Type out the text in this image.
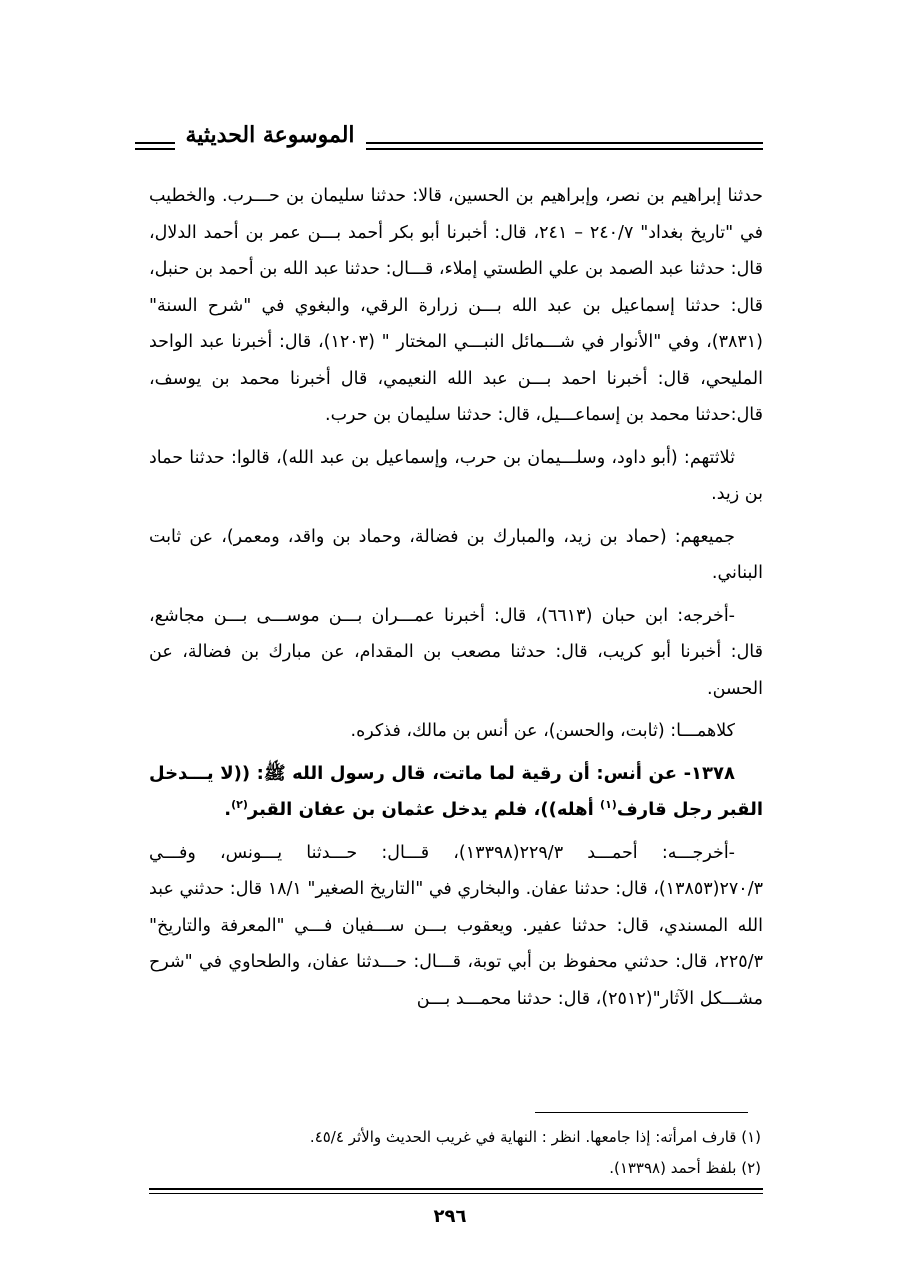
الموسوعة الحديثية

حدثنا إبراهيم بن نصر، وإبراهيم بن الحسين، قالا: حدثنا سليمان بن حـــرب. والخطيب في "تاريخ بغداد" ٢٤٠/٧ – ٢٤١، قال: أخبرنا أبو بكر أحمد بـــن عمر بن أحمد الدلال، قال: حدثنا عبد الصمد بن علي الطستي إملاء، قـــال: حدثنا عبد الله بن أحمد بن حنبل، قال: حدثنا إسماعيل بن عبد الله بـــن زرارة الرقي، والبغوي في "شرح السنة" (٣٨٣١)، وفي "الأنوار في شـــمائل النبـــي المختار " (١٢٠٣)، قال: أخبرنا عبد الواحد المليحي، قال: أخبرنا احمد بـــن عبد الله النعيمي، قال أخبرنا محمد بن يوسف، قال:حدثنا محمد بن إسماعـــيل، قال: حدثنا سليمان بن حرب.

ثلاثتهم: (أبو داود، وسلـــيمان بن حرب، وإسماعيل بن عبد الله)، قالوا: حدثنا حماد بن زيد.

جميعهم: (حماد بن زيد، والمبارك بن فضالة، وحماد بن واقد، ومعمر)، عن ثابت البناني.

-أخرجه: ابن حبان (٦٦١٣)، قال: أخبرنا عمـــران بـــن موســـى بـــن مجاشع، قال: أخبرنا أبو كريب، قال: حدثنا مصعب بن المقدام، عن مبارك بن فضالة، عن الحسن.

كلاهمـــا: (ثابت، والحسن)، عن أنس بن مالك، فذكره.

١٣٧٨- عن أنس: أن رقية لما ماتت، قال رسول الله ﷺ: ((لا يـــدخل القبر رجل قارف$^{(١)}$ أهله))، فلم يدخل عثمان بن عفان القبر$^{(٢)}$.

-أخرجـــه: أحمـــد ٢٢٩/٣(١٣٣٩٨)، قـــال: حـــدثنا يـــونس، وفـــي ٢٧٠/٣(١٣٨٥٣)، قال: حدثنا عفان. والبخاري في "التاريخ الصغير" ١٨/١ قال: حدثني عبد الله المسندي، قال: حدثنا عفير. ويعقوب بـــن ســـفيان فـــي "المعرفة والتاريخ" ٢٢٥/٣، قال: حدثني محفوظ بن أبي توبة، قـــال: حـــدثنا عفان، والطحاوي في "شرح مشـــكل الآثار"(٢٥١٢)، قال: حدثنا محمـــد بـــن

(١) قارف امرأته: إذا جامعها. انظر : النهاية في غريب الحديث والأثر ٤٥/٤.

(٢) بلفظ أحمد (١٣٣٩٨).

٢٩٦
